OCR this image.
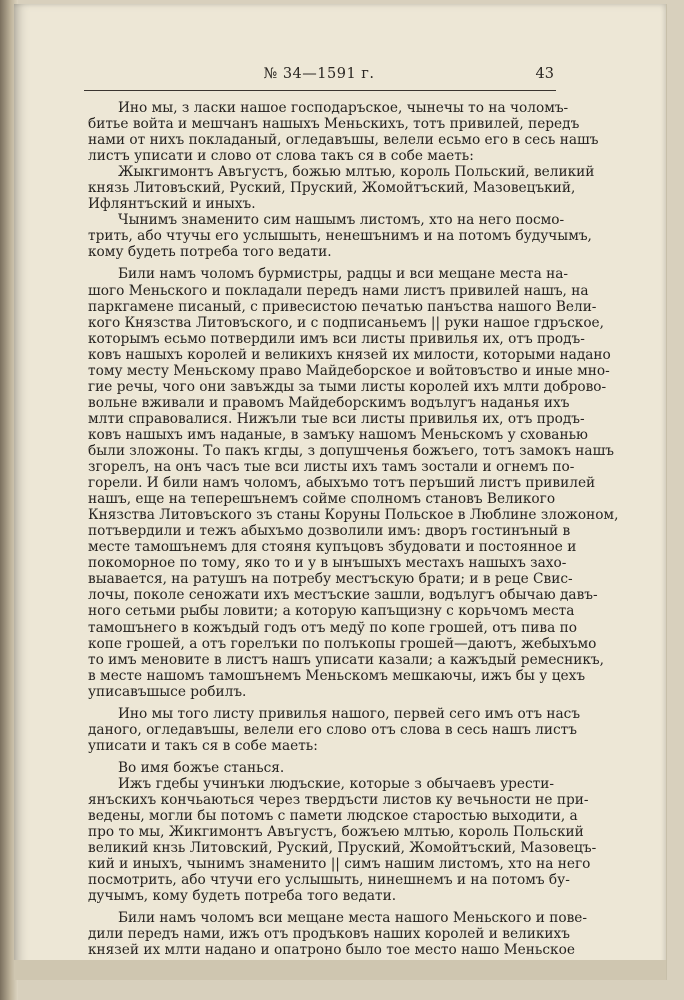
№ 34—1591 г.	43

Ино мы, з ласки нашое господаръское, чынечы то на чоломъ-
битье войта и мешчанъ нашыхъ Меньскихъ, тотъ привилей, передъ
нами от нихъ покладаный, огледавъшы, велели есьмо его в сесь нашъ
листъ уписати и слово от слова такъ ся в собе маеть:

Жыкгимонтъ Авъгустъ, божью млтью, король Польский, великий
князь Литовъский, Руский, Пруский, Жомойтъский, Мазовецъкий,
Ифлянтъский и иныхъ.

Чынимъ знаменито сим нашымъ листомъ, хто на него посмо-
трить, або чтучы его услышыть, ненешънимъ и на потомъ будучымъ,
кому будеть потреба того ведати.

Били намъ чоломъ бурмистры, радцы и вси мещане места на-
шого Меньского и покладали передъ нами листъ привилей нашъ, на
паркгамене писаный, с привесистою печатью панъства нашого Вели-
кого Князства Литовъского, и с подписаньемъ || руки нашое гдръское,
которымъ есьмо потвердили имъ вси листы привилья их, отъ продъ-
ковъ нашыхъ королей и великихъ князей их милости, которыми надано
тому месту Меньскому право Майдеборское и войтовъство и иные мно-
гие речы, чого они завъжды за тыми листы королей ихъ млти доброво-
вольне вживали и правомъ Майдеборскимъ водълугъ наданья ихъ
млти справовалися. Нижъли тые вси листы привилья их, отъ продъ-
ковъ нашыхъ имъ наданые, в замъку нашомъ Меньскомъ у схованью
были зложоны. То пакъ кгды, з допушченья божъего, тотъ замокъ нашъ
згорелъ, на онъ часъ тые вси листы ихъ тамъ зостали и огнемъ по-
горели. И били намъ чоломъ, абыхъмо тотъ перъший листъ привилей
нашъ, еще на теперешънемъ сойме сполномъ становъ Великого
Князства Литовъского зъ станы Коруны Польское в Люблине зложоном,
потъвердили и тежъ абыхъмо дозволили имъ: дворъ гостинъный в
месте тамошънемъ для стояня купъцовъ збудовати и постоянное и
покоморное по тому, яко то и у в ынъшыхъ местахъ нашыхъ захо-
выавается, на ратушъ на потребу местъскую брати; и в реце Свис-
лочы, поколе сеножати ихъ местъские зашли, водълугъ обычаю давъ-
ного сетьми рыбы ловити; а которую капъщизну с корьчомъ места
тамошънего в кожъдый годъ отъ медў по копе грошей, отъ пива по
копе грошей, а отъ горелъки по полъкопы грошей—даютъ, жебыхъмо
то имъ меновите в листъ нашъ уписати казали; а кажъдый ремесникъ,
в месте нашомъ тамошънемъ Меньскомъ мешкаючы, ижъ бы у цехъ
уписавъшысе робилъ.

Ино мы того листу привилья нашого, первей сего имъ отъ насъ
даного, огледавъшы, велели его слово отъ слова в сесь нашъ листъ
уписати и такъ ся в собе маеть:

Во имя божъе станься.

Ижъ гдебы учинъки людъские, которые з обычаевъ урести-
янъскихъ кончьаються через твердъсти листов ку вечьности не при-
ведены, могли бы потомъ с памети людское старостью выходити, а
про то мы, Жикгимонтъ Авъгустъ, божъею млтью, король Польский
великий кнзь Литовский, Руский, Пруский, Жомойтъский, Мазовецъ-
кий и иныхъ, чынимъ знаменито || симъ нашим листомъ, хто на него
посмотрить, або чтучи его услышыть, нинешнемъ и на потомъ бу-
дучымъ, кому будеть потреба того ведати.

Били намъ чоломъ вси мещане места нашого Меньского и пове-
дили передъ нами, ижъ отъ продъковъ наших королей и великихъ
князей их млти надано и опатроно было тое место нашо Меньское
